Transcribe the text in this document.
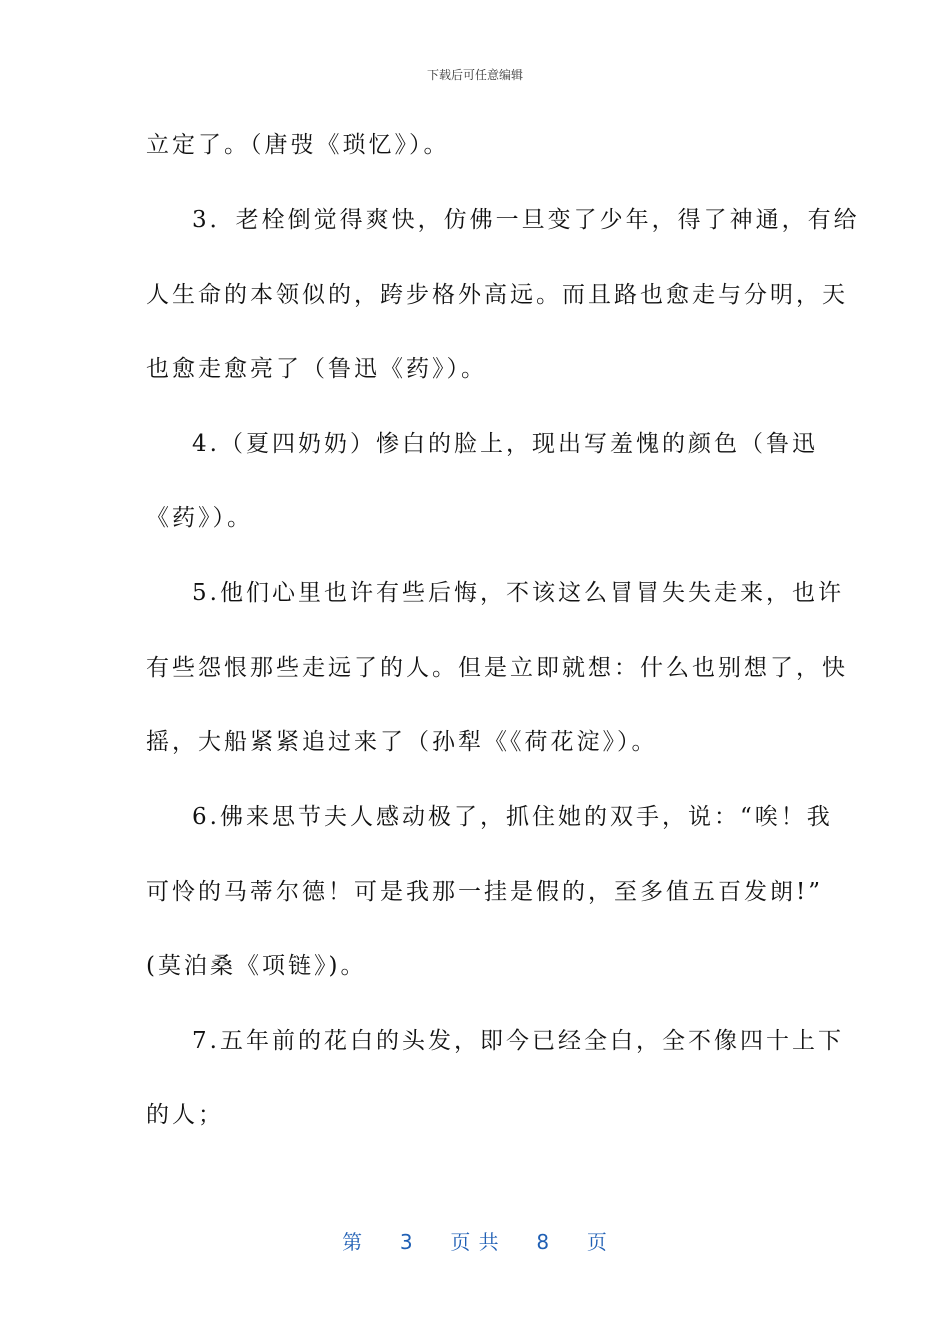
下载后可任意编辑
立定了。（唐弢《琐忆》）。
3．老栓倒觉得爽快，仿佛一旦变了少年，得了神通，有给
人生命的本领似的，跨步格外高远。而且路也愈走与分明，天
也愈走愈亮了（鲁迅《药》）。
4.（夏四奶奶）惨白的脸上，现出写羞愧的颜色（鲁迅
《药》）。
5.他们心里也许有些后悔，不该这么冒冒失失走来，也许
有些怨恨那些走远了的人。但是立即就想：什么也别想了，快
摇，大船紧紧追过来了（孙犁《《荷花淀》）。
6.佛来思节夫人感动极了，抓住她的双手，说：“唉！我
可怜的马蒂尔德！可是我那一挂是假的，至多值五百发朗!”
(莫泊桑《项链》)。
7.五年前的花白的头发，即今已经全白，全不像四十上下
的人；
第 3 页 共 8 页
